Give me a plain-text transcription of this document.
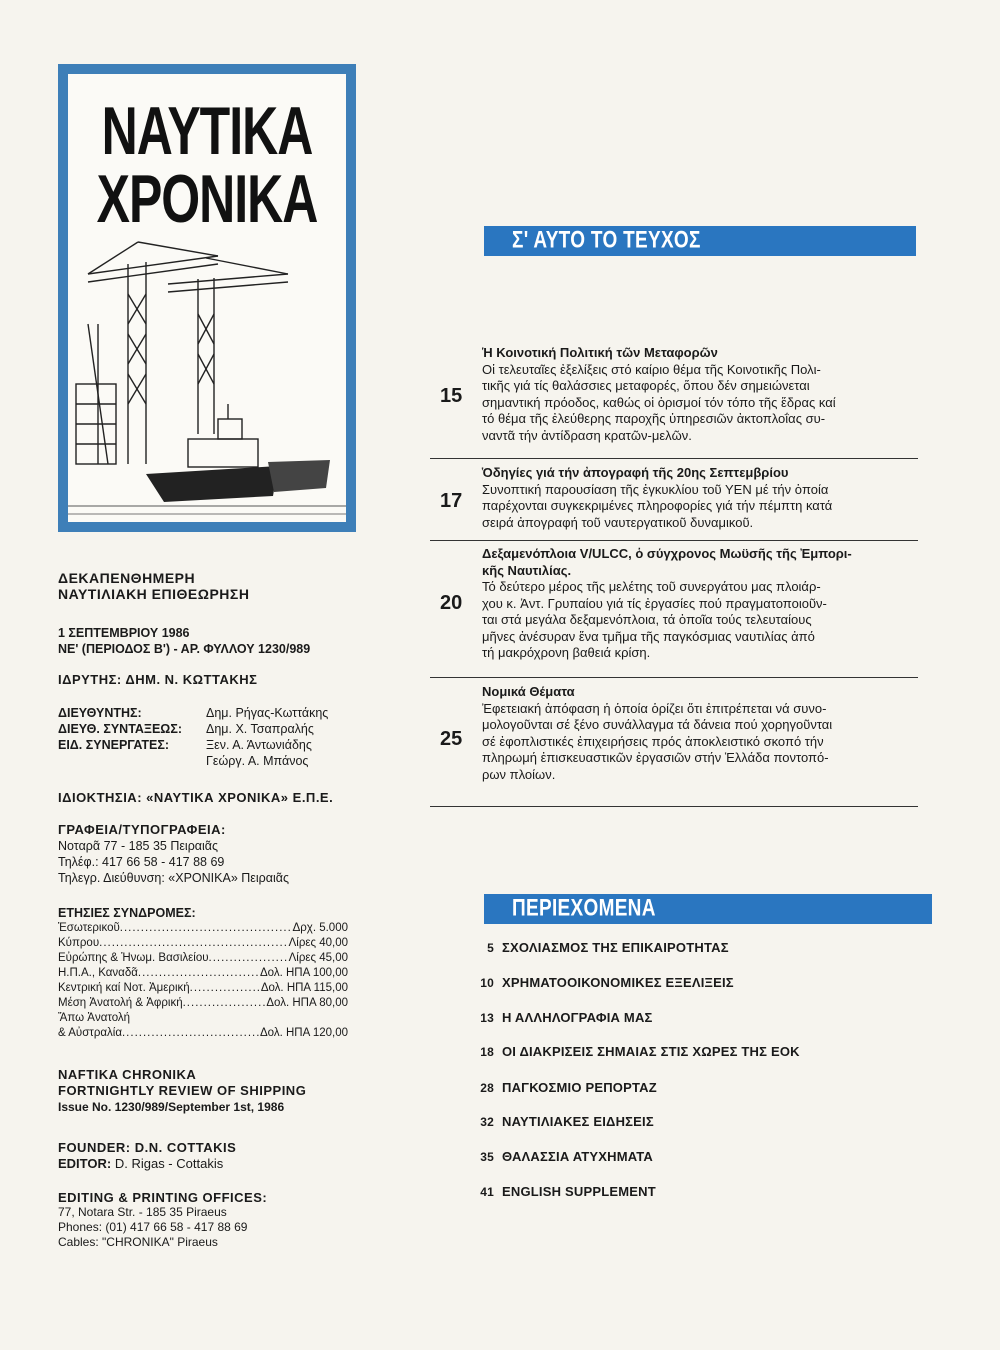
ΝΑΥΤΙΚΑ
ΧΡΟΝΙΚΑ
ΔΕΚΑΠΕΝΘΗΜΕΡΗ
ΝΑΥΤΙΛΙΑΚΗ ΕΠΙΘΕΩΡΗΣΗ
1 ΣΕΠΤΕΜΒΡΙΟΥ 1986
ΝΕ' (ΠΕΡΙΟΔΟΣ Β') - ΑΡ. ΦΥΛΛΟΥ 1230/989
ΙΔΡΥΤΗΣ: ΔΗΜ. Ν. ΚΩΤΤΑΚΗΣ
ΔΙΕΥΘΥΝΤΗΣ:	Δημ. Ρήγας-Κωττάκης
ΔΙΕΥΘ. ΣΥΝΤΑΞΕΩΣ:	Δημ. Χ. Τσαπραλής
ΕΙΔ. ΣΥΝΕΡΓΑΤΕΣ:	Ξεν. Α. Άντωνιάδης
Γεώργ. Α. Μπάνος
ΙΔΙΟΚΤΗΣΙΑ: «ΝΑΥΤΙΚΑ ΧΡΟΝΙΚΑ» Ε.Π.Ε.
ΓΡΑΦΕΙΑ/ΤΥΠΟΓΡΑΦΕΙΑ:
Νοταρᾶ 77 - 185 35 Πειραιᾶς
Τηλέφ.: 417 66 58 - 417 88 69
Τηλεγρ. Διεύθυνση: «ΧΡΟΝΙΚΑ» Πειραιᾶς
ΕΤΗΣΙΕΣ ΣΥΝΔΡΟΜΕΣ:
Ἐσωτερικοῦ .....	Δρχ. 5.000
Κύπρου .....	Λίρες 40,00
Εὐρώπης & Ἡνωμ. Βασιλείου .....	Λίρες 45,00
Η.Π.Α., Καναδᾶ .....	Δολ. ΗΠΑ 100,00
Κεντρική καί Νοτ. Ἀμερική .....	Δολ. ΗΠΑ 115,00
Μέση Ἀνατολή & Ἀφρική .....	Δολ. ΗΠΑ 80,00
Ἄπω Ἀνατολή
& Αὐστραλία .....	Δολ. ΗΠΑ 120,00
NAFTIKA CHRONIKA
FORTNIGHTLY REVIEW OF SHIPPING
Issue No. 1230/989/September 1st, 1986
FOUNDER: D.N. COTTAKIS
EDITOR: D. Rigas - Cottakis
EDITING & PRINTING OFFICES:
77, Notara Str. - 185 35 Piraeus
Phones: (01) 417 66 58 - 417 88 69
Cables: "CHRONIKA" Piraeus
Σ' ΑΥΤΟ ΤΟ ΤΕΥΧΟΣ
15
Ἡ Κοινοτική Πολιτική τῶν Μεταφορῶν
Οἱ τελευταῖες ἐξελίξεις στό καίριο θέμα τῆς Κοινοτικῆς Πολι-
τικῆς γιά τίς θαλάσσιες μεταφορές, ὅπου δέν σημειώνεται
σημαντική πρόοδος, καθώς οἱ ὁρισμοί τόν τόπο τῆς ἕδρας καί
τό θέμα τῆς ἐλεύθερης παροχῆς ὑπηρεσιῶν ἀκτοπλοΐας συ-
ναντᾶ τήν ἀντίδραση κρατῶν-μελῶν.
17
Ὁδηγίες γιά τήν ἀπογραφή τῆς 20ης Σεπτεμβρίου
Συνοπτική παρουσίαση τῆς ἐγκυκλίου τοῦ ΥΕΝ μέ τήν ὁποία
παρέχονται συγκεκριμένες πληροφορίες γιά τήν πέμπτη κατά
σειρά ἀπογραφή τοῦ ναυτεργατικοῦ δυναμικοῦ.
20
Δεξαμενόπλοια V/ULCC, ὁ σύγχρονος Μωϋσῆς τῆς Ἐμπορι-
κῆς Ναυτιλίας.
Τό δεύτερο μέρος τῆς μελέτης τοῦ συνεργάτου μας πλοιάρ-
χου κ. Ἀντ. Γρυπαίου γιά τίς ἐργασίες πού πραγματοποιοῦν-
ται στά μεγάλα δεξαμενόπλοια, τά ὁποῖα τούς τελευταίους
μῆνες ἀνέσυραν ἕνα τμῆμα τῆς παγκόσμιας ναυτιλίας ἀπό
τή μακρόχρονη βαθειά κρίση.
25
Νομικά Θέματα
Ἐφετειακή ἀπόφαση ἡ ὁποία ὁρίζει ὅτι ἐπιτρέπεται νά συνο-
μολογοῦνται σέ ξένο συνάλλαγμα τά δάνεια πού χορηγοῦνται
σέ ἐφοπλιστικές ἐπιχειρήσεις πρός ἀποκλειστικό σκοπό τήν
πληρωμή ἐπισκευαστικῶν ἐργασιῶν στήν Ἑλλάδα ποντοπό-
ρων πλοίων.
ΠΕΡΙΕΧΟΜΕΝΑ
5 ΣΧΟΛΙΑΣΜΟΣ ΤΗΣ ΕΠΙΚΑΙΡΟΤΗΤΑΣ
10 ΧΡΗΜΑΤΟΟΙΚΟΝΟΜΙΚΕΣ ΕΞΕΛΙΞΕΙΣ
13 Η ΑΛΛΗΛΟΓΡΑΦΙΑ ΜΑΣ
18 ΟΙ ΔΙΑΚΡΙΣΕΙΣ ΣΗΜΑΙΑΣ ΣΤΙΣ ΧΩΡΕΣ ΤΗΣ ΕΟΚ
28 ΠΑΓΚΟΣΜΙΟ ΡΕΠΟΡΤΑΖ
32 ΝΑΥΤΙΛΙΑΚΕΣ ΕΙΔΗΣΕΙΣ
35 ΘΑΛΑΣΣΙΑ ΑΤΥΧΗΜΑΤΑ
41 ENGLISH SUPPLEMENT
